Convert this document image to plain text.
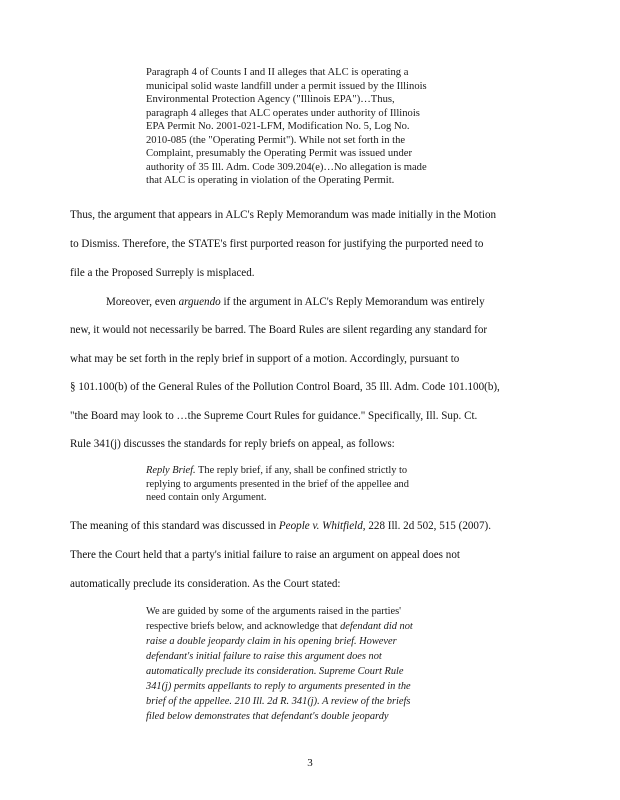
Paragraph 4 of Counts I and II alleges that ALC is operating a
municipal solid waste landfill under a permit issued by the Illinois
Environmental Protection Agency ("Illinois EPA")…Thus,
paragraph 4 alleges that ALC operates under authority of Illinois
EPA Permit No. 2001-021-LFM, Modification No. 5, Log No.
2010-085 (the "Operating Permit"). While not set forth in the
Complaint, presumably the Operating Permit was issued under
authority of 35 Ill. Adm. Code 309.204(e)…No allegation is made
that ALC is operating in violation of the Operating Permit.
Thus, the argument that appears in ALC's Reply Memorandum was made initially in the Motion
to Dismiss. Therefore, the STATE's first purported reason for justifying the purported need to
file a the Proposed Surreply is misplaced.
Moreover, even arguendo if the argument in ALC's Reply Memorandum was entirely
new, it would not necessarily be barred. The Board Rules are silent regarding any standard for
what may be set forth in the reply brief in support of a motion. Accordingly, pursuant to
§ 101.100(b) of the General Rules of the Pollution Control Board, 35 Ill. Adm. Code 101.100(b),
"the Board may look to …the Supreme Court Rules for guidance." Specifically, Ill. Sup. Ct.
Rule 341(j) discusses the standards for reply briefs on appeal, as follows:
Reply Brief. The reply brief, if any, shall be confined strictly to
replying to arguments presented in the brief of the appellee and
need contain only Argument.
The meaning of this standard was discussed in People v. Whitfield, 228 Ill. 2d 502, 515 (2007).
There the Court held that a party's initial failure to raise an argument on appeal does not
automatically preclude its consideration. As the Court stated:
We are guided by some of the arguments raised in the parties'
respective briefs below, and acknowledge that defendant did not
raise a double jeopardy claim in his opening brief. However
defendant's initial failure to raise this argument does not
automatically preclude its consideration. Supreme Court Rule
341(j) permits appellants to reply to arguments presented in the
brief of the appellee. 210 Ill. 2d R. 341(j). A review of the briefs
filed below demonstrates that defendant's double jeopardy
3
